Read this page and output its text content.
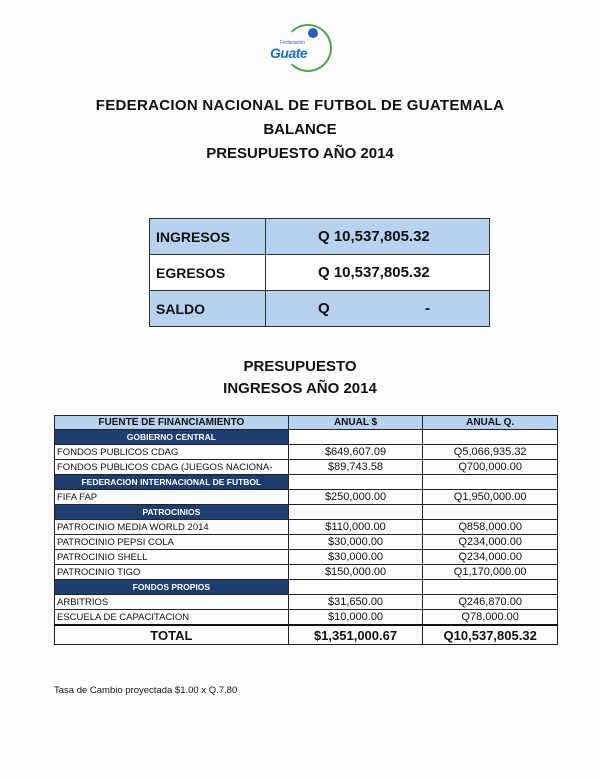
Federación
Guate
FEDERACION NACIONAL DE FUTBOL DE GUATEMALA
BALANCE
PRESUPUESTO AÑO 2014
INGRESOS	Q 10,537,805.32
EGRESOS	Q 10,537,805.32
SALDO	Q -
PRESUPUESTO
INGRESOS AÑO 2014
FUENTE DE FINANCIAMIENTO	ANUAL $	ANUAL Q.
GOBIERNO CENTRAL		
FONDOS PUBLICOS CDAG	$649,607.09	Q5,066,935.32
FONDOS PUBLICOS CDAG (JUEGOS NACIONA-	$89,743.58	Q700,000.00
FEDERACION INTERNACIONAL DE FUTBOL		
FIFA FAP	$250,000.00	Q1,950,000.00
PATROCINIOS		
PATROCINIO MEDIA WORLD 2014	$110,000.00	Q858,000.00
PATROCINIO PEPSI COLA	$30,000.00	Q234,000.00
PATROCINIO SHELL	$30,000.00	Q234,000.00
PATROCINIO TIGO	$150,000.00	Q1,170,000.00
FONDOS PROPIOS		
ARBITRIOS	$31,650.00	Q246,870.00
ESCUELA DE CAPACITACION	$10,000.00	Q78,000.00
TOTAL	$1,351,000.67	Q10,537,805.32
Tasa de Cambio proyectada $1.00 x Q.7.80
